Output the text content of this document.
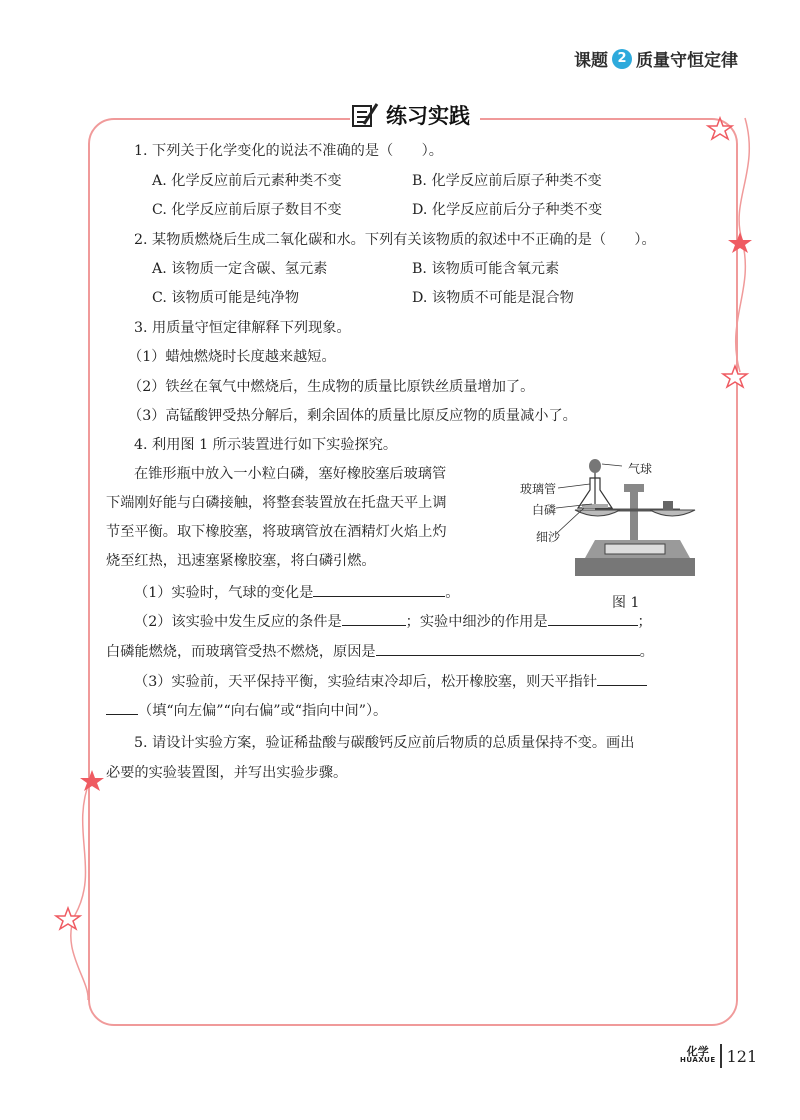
课题 2 质量守恒定律
练习实践
1. 下列关于化学变化的说法不准确的是（　　）。
A. 化学反应前后元素种类不变	B. 化学反应前后原子种类不变
C. 化学反应前后原子数目不变	D. 化学反应前后分子种类不变
2. 某物质燃烧后生成二氧化碳和水。下列有关该物质的叙述中不正确的是（　　）。
A. 该物质一定含碳、氢元素	B. 该物质可能含氧元素
C. 该物质可能是纯净物	D. 该物质不可能是混合物
3. 用质量守恒定律解释下列现象。
（1）蜡烛燃烧时长度越来越短。
（2）铁丝在氧气中燃烧后，生成物的质量比原铁丝质量增加了。
（3）高锰酸钾受热分解后，剩余固体的质量比原反应物的质量减小了。
4. 利用图 1 所示装置进行如下实验探究。
在锥形瓶中放入一小粒白磷，塞好橡胶塞后玻璃管
下端刚好能与白磷接触，将整套装置放在托盘天平上调
节至平衡。取下橡胶塞，将玻璃管放在酒精灯火焰上灼
烧至红热，迅速塞紧橡胶塞，将白磷引燃。
气球
玻璃管
白磷
细沙
图 1
（1）实验时，气球的变化是	。
（2）该实验中发生反应的条件是	；实验中细沙的作用是	；
白磷能燃烧，而玻璃管受热不燃烧，原因是	。
（3）实验前，天平保持平衡，实验结束冷却后，松开橡胶塞，则天平指针
（填“向左偏”“向右偏”或“指向中间”）。
5. 请设计实验方案，验证稀盐酸与碳酸钙反应前后物质的总质量保持不变。画出
必要的实验装置图，并写出实验步骤。
化学
HUAXUE 121
